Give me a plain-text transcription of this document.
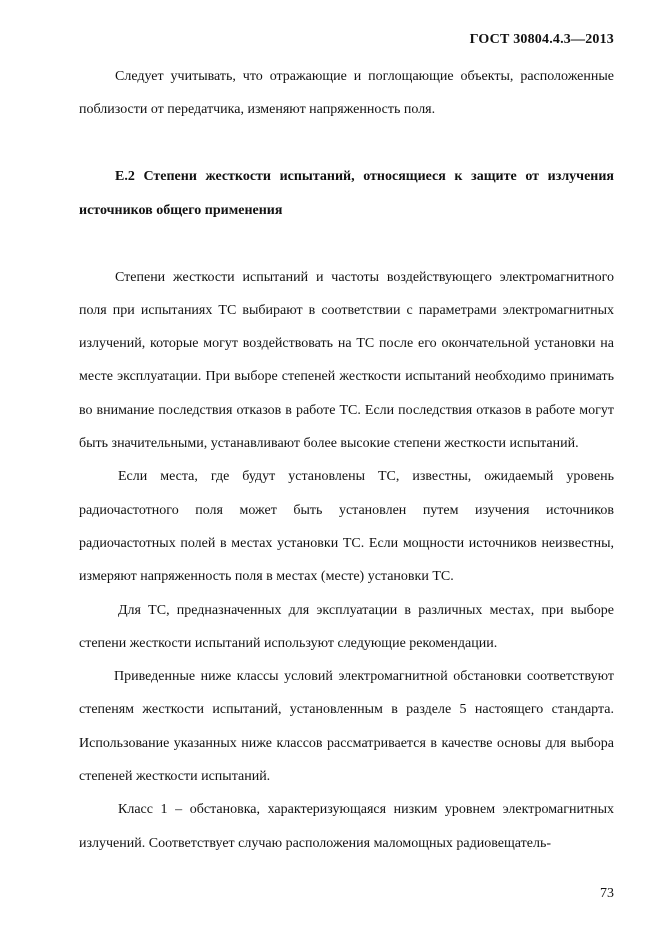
ГОСТ 30804.4.3—2013

Следует учитывать, что отражающие и поглощающие объекты, расположенные поблизости от передатчика, изменяют напряженность поля.

Е.2 Степени жесткости испытаний, относящиеся к защите от излучения источников общего применения

Степени жесткости испытаний и частоты воздействующего электромагнитного поля при испытаниях ТС выбирают в соответствии с параметрами электромагнитных излучений, которые могут воздействовать на ТС после его окончательной установки на месте эксплуатации. При выборе степеней жесткости испытаний необходимо принимать во внимание последствия отказов в работе ТС. Если последствия отказов в работе могут быть значительными, устанавливают более высокие степени жесткости испытаний.

Если места, где будут установлены ТС, известны, ожидаемый уровень радиочастотного поля может быть установлен путем изучения источников радиочастотных полей в местах установки ТС. Если мощности источников неизвестны, измеряют напряженность поля в местах (месте) установки ТС.

Для ТС, предназначенных для эксплуатации в различных местах, при выборе степени жесткости испытаний используют следующие рекомендации.

Приведенные ниже классы условий электромагнитной обстановки соответствуют степеням жесткости испытаний, установленным в разделе 5 настоящего стандарта. Использование указанных ниже классов рассматривается в качестве основы для выбора степеней жесткости испытаний.

Класс 1 – обстановка, характеризующаяся низким уровнем электромагнитных излучений. Соответствует случаю расположения маломощных радиовещатель-

73
